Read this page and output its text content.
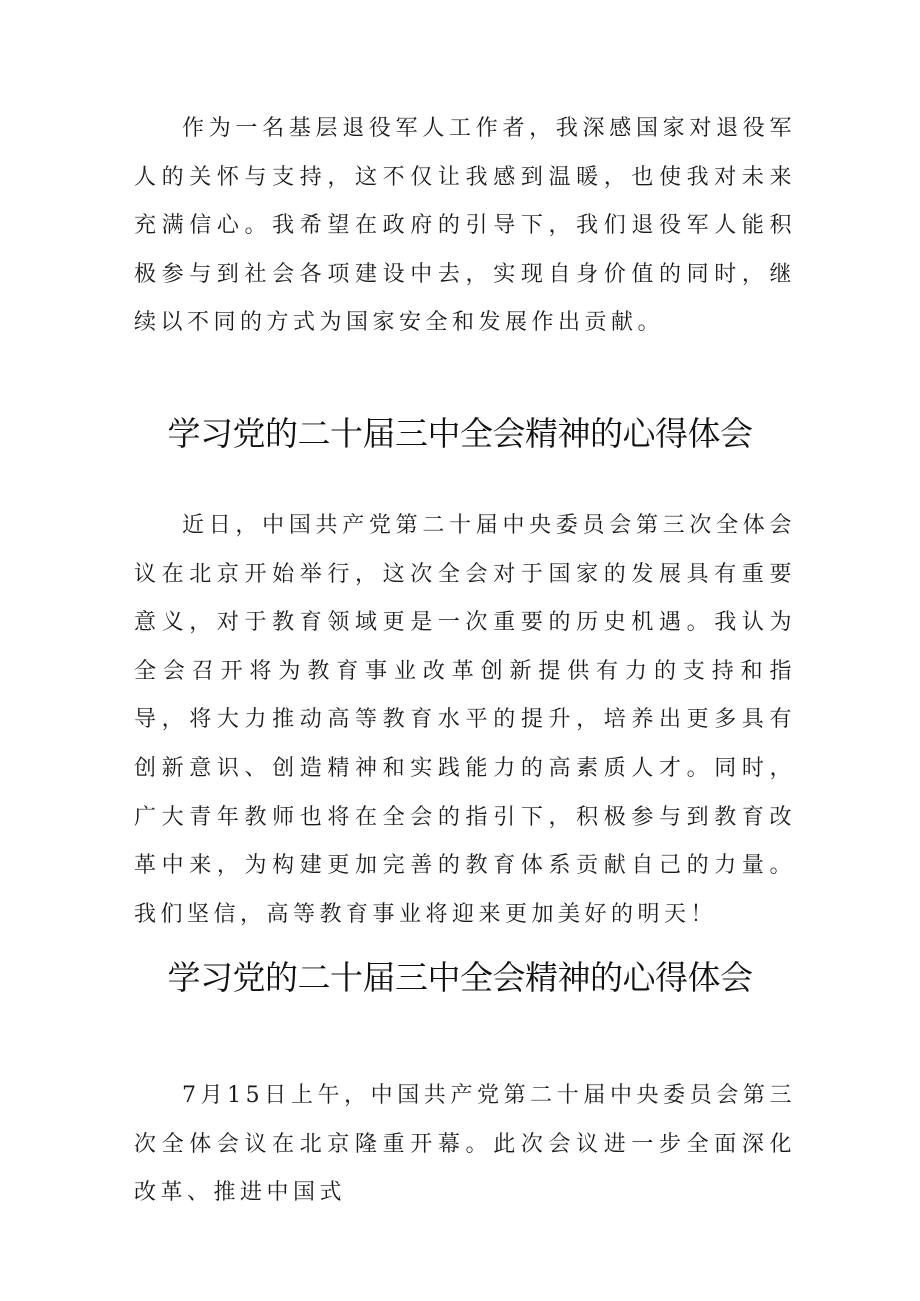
作为一名基层退役军人工作者，我深感国家对退役军人的关怀与支持，这不仅让我感到温暖，也使我对未来充满信心。我希望在政府的引导下，我们退役军人能积极参与到社会各项建设中去，实现自身价值的同时，继续以不同的方式为国家安全和发展作出贡献。

学习党的二十届三中全会精神的心得体会

近日，中国共产党第二十届中央委员会第三次全体会议在北京开始举行，这次全会对于国家的发展具有重要意义，对于教育领域更是一次重要的历史机遇。我认为全会召开将为教育事业改革创新提供有力的支持和指导，将大力推动高等教育水平的提升，培养出更多具有创新意识、创造精神和实践能力的高素质人才。同时，广大青年教师也将在全会的指引下，积极参与到教育改革中来，为构建更加完善的教育体系贡献自己的力量。我们坚信，高等教育事业将迎来更加美好的明天！

学习党的二十届三中全会精神的心得体会

7月15日上午，中国共产党第二十届中央委员会第三次全体会议在北京隆重开幕。此次会议进一步全面深化改革、推进中国式
